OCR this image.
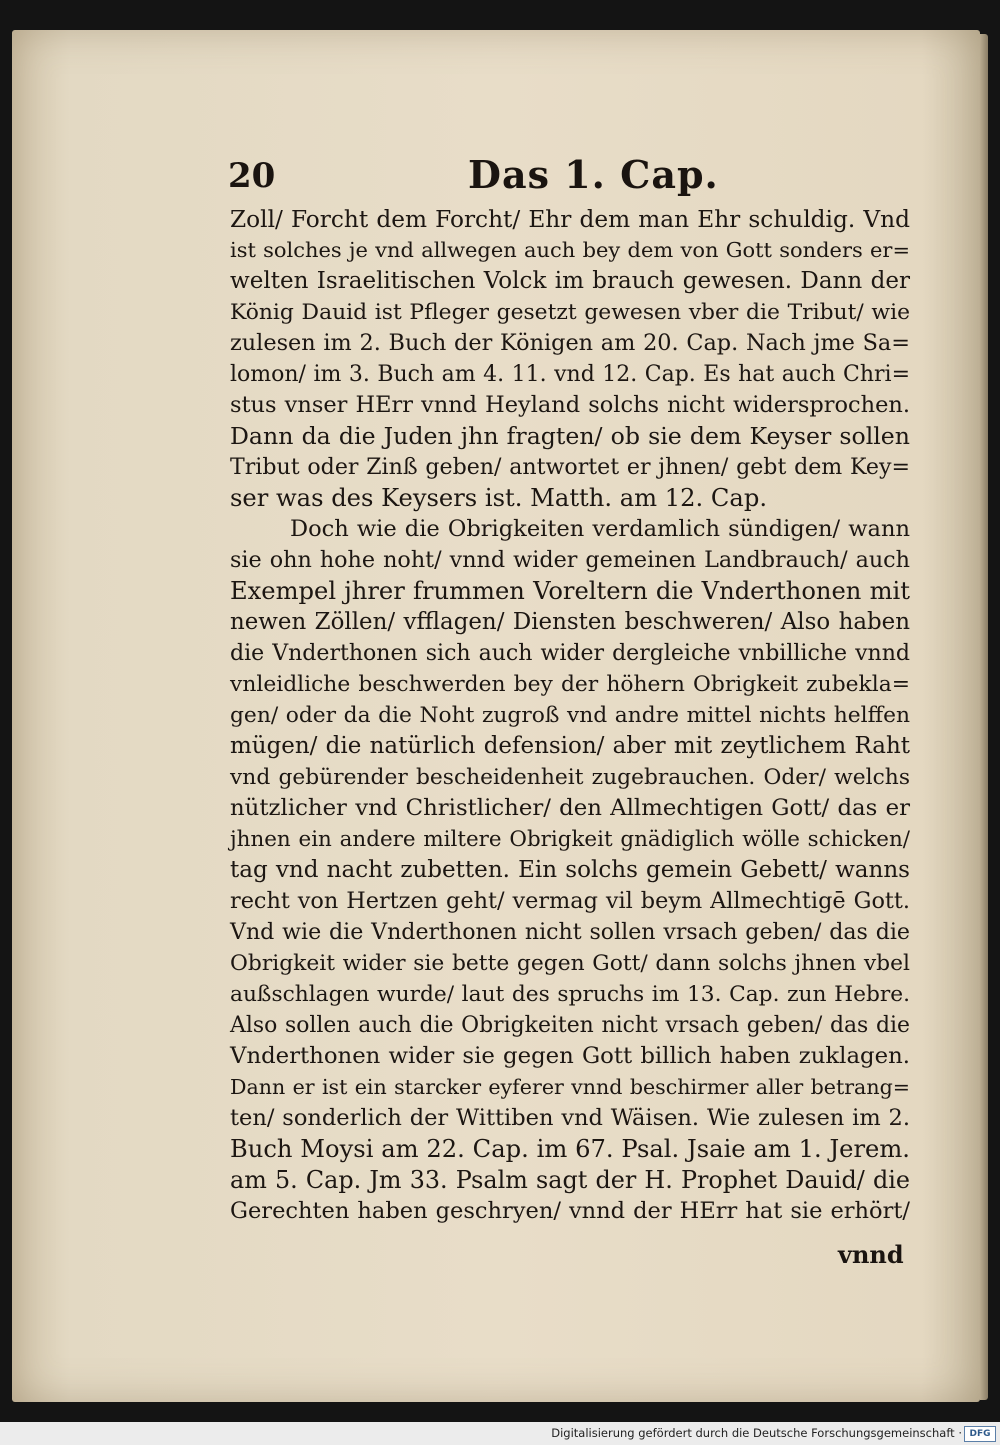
20	Das 1. Cap.
Zoll/ Forcht dem Forcht/ Ehr dem man Ehr schuldig. Vnd
ist solches je vnd allwegen auch bey dem von Gott sonders er=
welten Israelitischen Volck im brauch gewesen. Dann der
König Dauid ist Pfleger gesetzt gewesen vber die Tribut/ wie
zulesen im 2. Buch der Königen am 20. Cap. Nach jme Sa=
lomon/ im 3. Buch am 4. 11. vnd 12. Cap. Es hat auch Chri=
stus vnser HErr vnnd Heyland solchs nicht widersprochen.
Dann da die Juden jhn fragten/ ob sie dem Keyser sollen
Tribut oder Zinß geben/ antwortet er jhnen/ gebt dem Key=
ser was des Keysers ist. Matth. am 12. Cap.
Doch wie die Obrigkeiten verdamlich sündigen/ wann
sie ohn hohe noht/ vnnd wider gemeinen Landbrauch/ auch
Exempel jhrer frummen Voreltern die Vnderthonen mit
newen Zöllen/ vfflagen/ Diensten beschweren/ Also haben
die Vnderthonen sich auch wider dergleiche vnbilliche vnnd
vnleidliche beschwerden bey der höhern Obrigkeit zubekla=
gen/ oder da die Noht zugroß vnd andre mittel nichts helffen
mügen/ die natürlich defension/ aber mit zeytlichem Raht
vnd gebürender bescheidenheit zugebrauchen. Oder/ welchs
nützlicher vnd Christlicher/ den Allmechtigen Gott/ das er
jhnen ein andere miltere Obrigkeit gnädiglich wölle schicken/
tag vnd nacht zubetten. Ein solchs gemein Gebett/ wanns
recht von Hertzen geht/ vermag vil beym Allmechtigē Gott.
Vnd wie die Vnderthonen nicht sollen vrsach geben/ das die
Obrigkeit wider sie bette gegen Gott/ dann solchs jhnen vbel
außschlagen wurde/ laut des spruchs im 13. Cap. zun Hebre.
Also sollen auch die Obrigkeiten nicht vrsach geben/ das die
Vnderthonen wider sie gegen Gott billich haben zuklagen.
Dann er ist ein starcker eyferer vnnd beschirmer aller betrang=
ten/ sonderlich der Wittiben vnd Wäisen. Wie zulesen im 2.
Buch Moysi am 22. Cap. im 67. Psal. Jsaie am 1. Jerem.
am 5. Cap. Jm 33. Psalm sagt der H. Prophet Dauid/ die
Gerechten haben geschryen/ vnnd der HErr hat sie erhört/
vnnd
Digitalisierung gefördert durch die Deutsche Forschungsgemeinschaft · DFG
